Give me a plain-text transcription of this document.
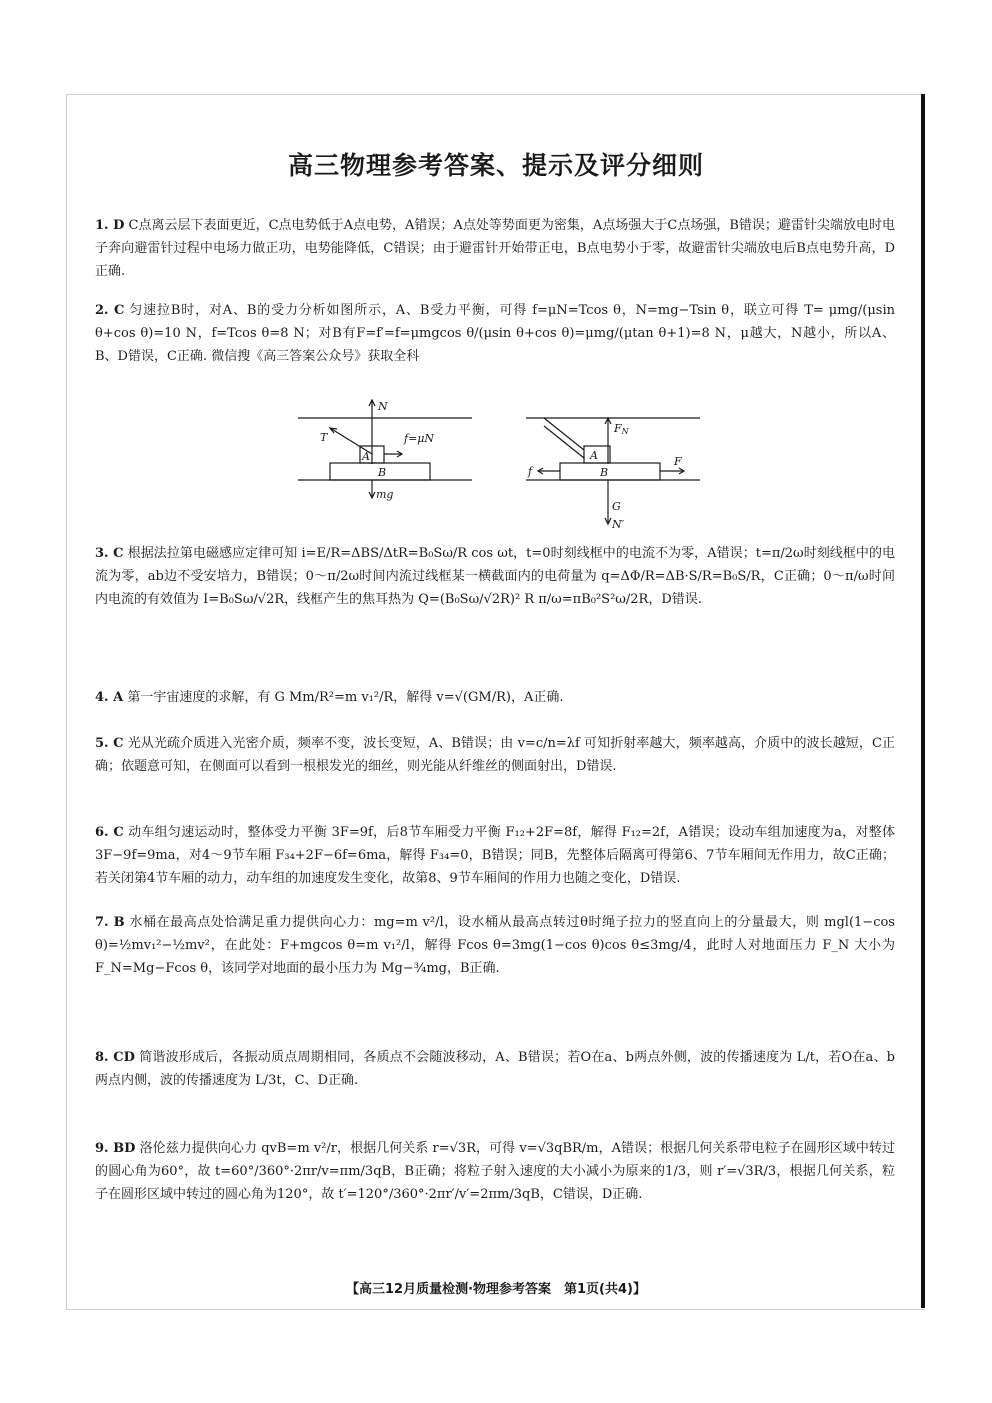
高三物理参考答案、提示及评分细则
1. D C点离云层下表面更近，C点电势低于A点电势，A错误；A点处等势面更为密集，A点场强大于C点场强，B错误；避雷针尖端放电时电子奔向避雷针过程中电场力做正功，电势能降低，C错误；由于避雷针开始带正电，B点电势小于零，故避雷针尖端放电后B点电势升高，D正确.
2. C 匀速拉B时，对A、B的受力分析如图所示，A、B受力平衡，可得 f=μN=Tcos θ，N=mg−Tsin θ，联立可得 T= μmg/(μsin θ+cos θ)=10 N，f=Tcos θ=8 N；对B有F=f′=f=μmgcos θ/(μsin θ+cos θ)=μmg/(μtan θ+1)=8 N，μ越大，N越小，所以A、B、D错误，C正确. 微信搜《高三答案公众号》获取全科
N
T	f=μN
A
B
mg
FN
A
B
f
F
G
N′
3. C 根据法拉第电磁感应定律可知 i=E/R=ΔBS/ΔtR=B₀Sω/R cos ωt，t=0时刻线框中的电流不为零，A错误；t=π/2ω时刻线框中的电流为零，ab边不受安培力，B错误；0～π/2ω时间内流过线框某一横截面内的电荷量为 q=ΔΦ/R=ΔB·S/R=B₀S/R，C正确；0～π/ω时间内电流的有效值为 I=B₀Sω/√2R，线框产生的焦耳热为 Q=(B₀Sω/√2R)² R π/ω=πB₀²S²ω/2R，D错误.
4. A 第一宇宙速度的求解，有 G Mm/R²=m v₁²/R，解得 v=√(GM/R)，A正确.
5. C 光从光疏介质进入光密介质，频率不变，波长变短，A、B错误；由 v=c/n=λf 可知折射率越大，频率越高，介质中的波长越短，C正确；依题意可知，在侧面可以看到一根根发光的细丝，则光能从纤维丝的侧面射出，D错误.
6. C 动车组匀速运动时，整体受力平衡 3F=9f，后8节车厢受力平衡 F₁₂+2F=8f，解得 F₁₂=2f，A错误；设动车组加速度为a，对整体 3F−9f=9ma，对4～9节车厢 F₃₄+2F−6f=6ma，解得 F₃₄=0，B错误；同B，先整体后隔离可得第6、7节车厢间无作用力，故C正确；若关闭第4节车厢的动力，动车组的加速度发生变化，故第8、9节车厢间的作用力也随之变化，D错误.
7. B 水桶在最高点处恰满足重力提供向心力：mg=m v²/l，设水桶从最高点转过θ时绳子拉力的竖直向上的分量最大，则 mgl(1−cos θ)=½mv₁²−½mv²，在此处：F+mgcos θ=m v₁²/l，解得 Fcos θ=3mg(1−cos θ)cos θ≤3mg/4，此时人对地面压力 F_N 大小为 F_N=Mg−Fcos θ，该同学对地面的最小压力为 Mg−¾mg，B正确.
8. CD 简谐波形成后，各振动质点周期相同，各质点不会随波移动，A、B错误；若O在a、b两点外侧，波的传播速度为 L/t，若O在a、b两点内侧，波的传播速度为 L/3t，C、D正确.
9. BD 洛伦兹力提供向心力 qvB=m v²/r，根据几何关系 r=√3R，可得 v=√3qBR/m，A错误；根据几何关系带电粒子在圆形区域中转过的圆心角为60°，故 t=60°/360°·2πr/v=πm/3qB，B正确；将粒子射入速度的大小减小为原来的1/3，则 r′=√3R/3，根据几何关系，粒子在圆形区域中转过的圆心角为120°，故 t′=120°/360°·2πr′/v′=2πm/3qB，C错误，D正确.
【高三12月质量检测·物理参考答案　第1页(共4)】
